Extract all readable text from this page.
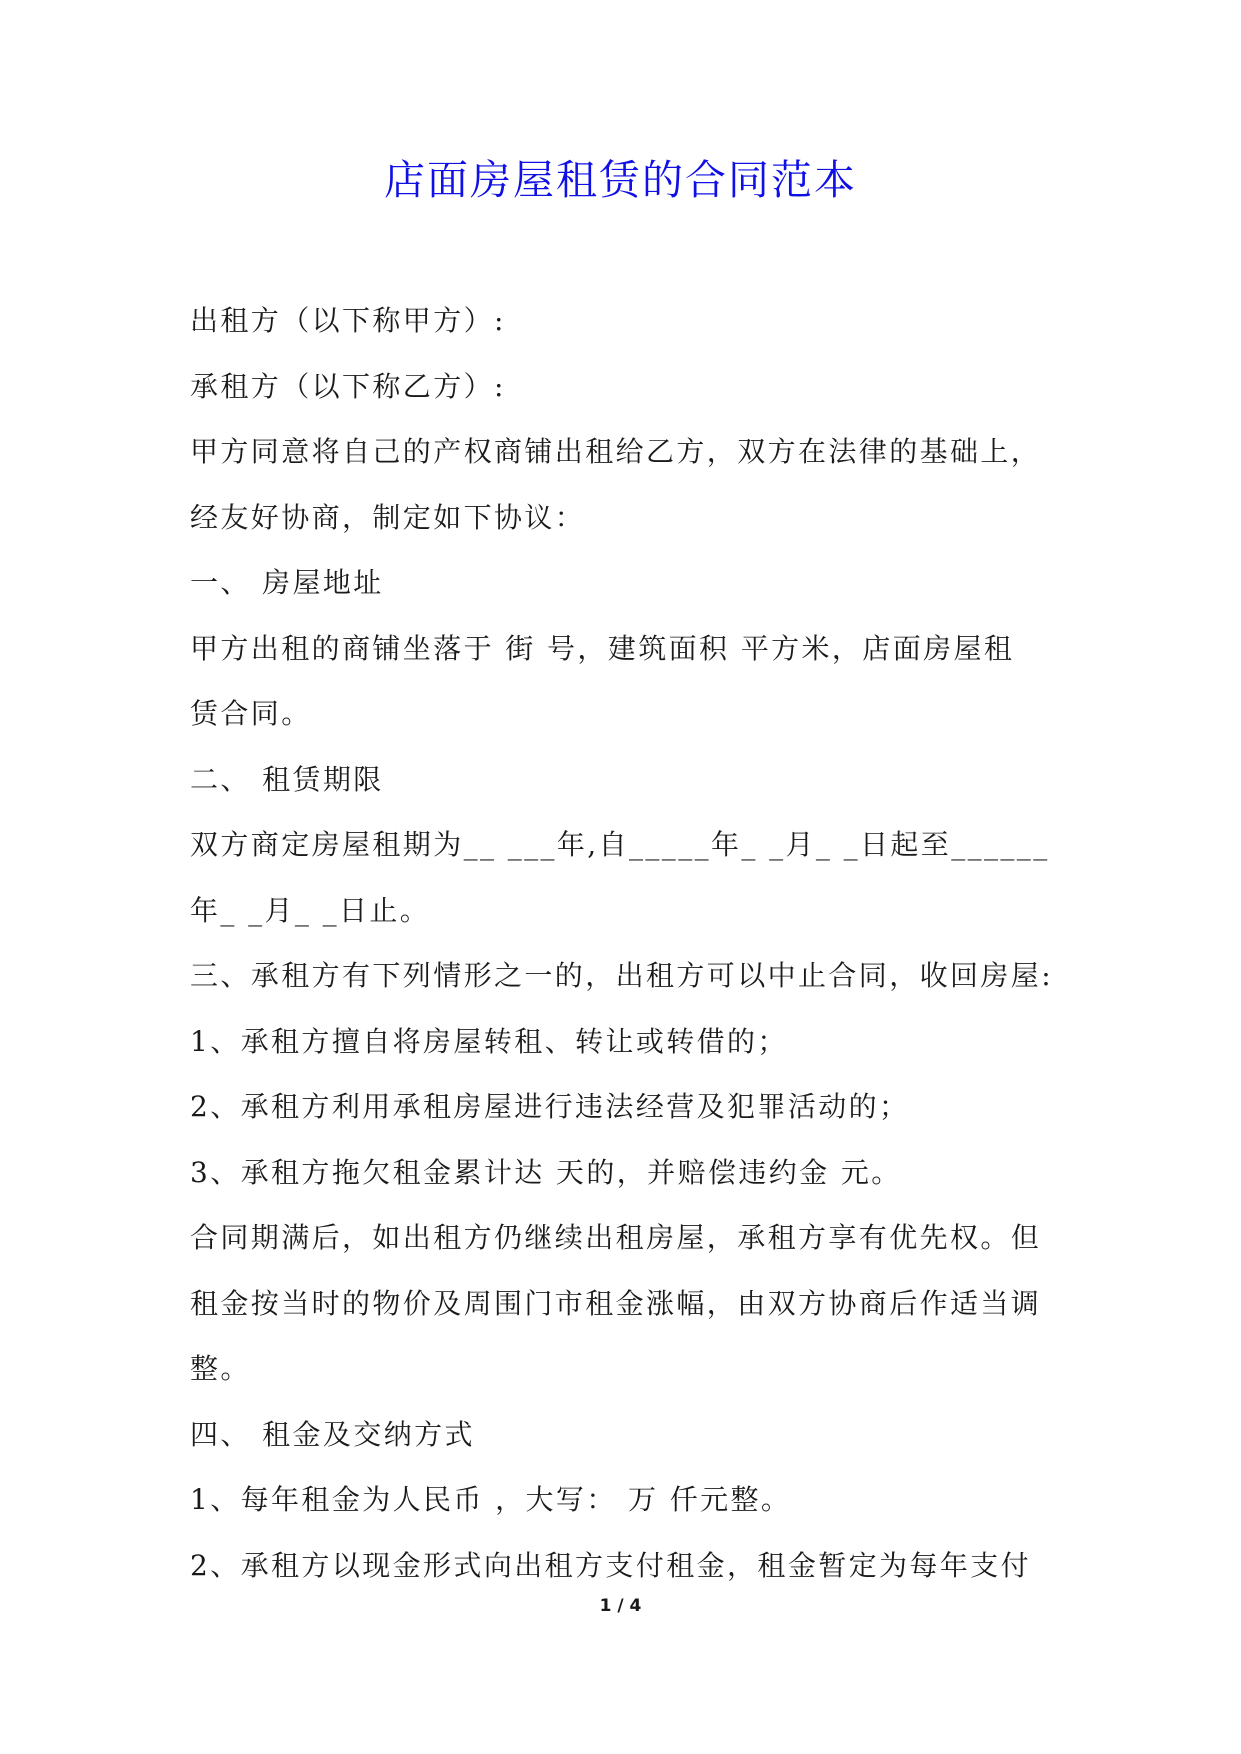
店面房屋租赁的合同范本
出租方（以下称甲方）:
承租方（以下称乙方）:
甲方同意将自己的产权商铺出租给乙方，双方在法律的基础上，
经友好协商，制定如下协议：
一、 房屋地址
甲方出租的商铺坐落于 街 号，建筑面积 平方米，店面房屋租
赁合同。
二、 租赁期限
双方商定房屋租期为__ ___年,自_____年_ _月_ _日起至______
年_ _月_ _日止。
三、承租方有下列情形之一的，出租方可以中止合同，收回房屋:
1、承租方擅自将房屋转租、转让或转借的；
2、承租方利用承租房屋进行违法经营及犯罪活动的；
3、承租方拖欠租金累计达 天的，并赔偿违约金 元。
合同期满后，如出租方仍继续出租房屋，承租方享有优先权。但
租金按当时的物价及周围门市租金涨幅，由双方协商后作适当调
整。
四、 租金及交纳方式
1、每年租金为人民币 ，大写： 万 仟元整。
2、承租方以现金形式向出租方支付租金，租金暂定为每年支付
1 / 4
